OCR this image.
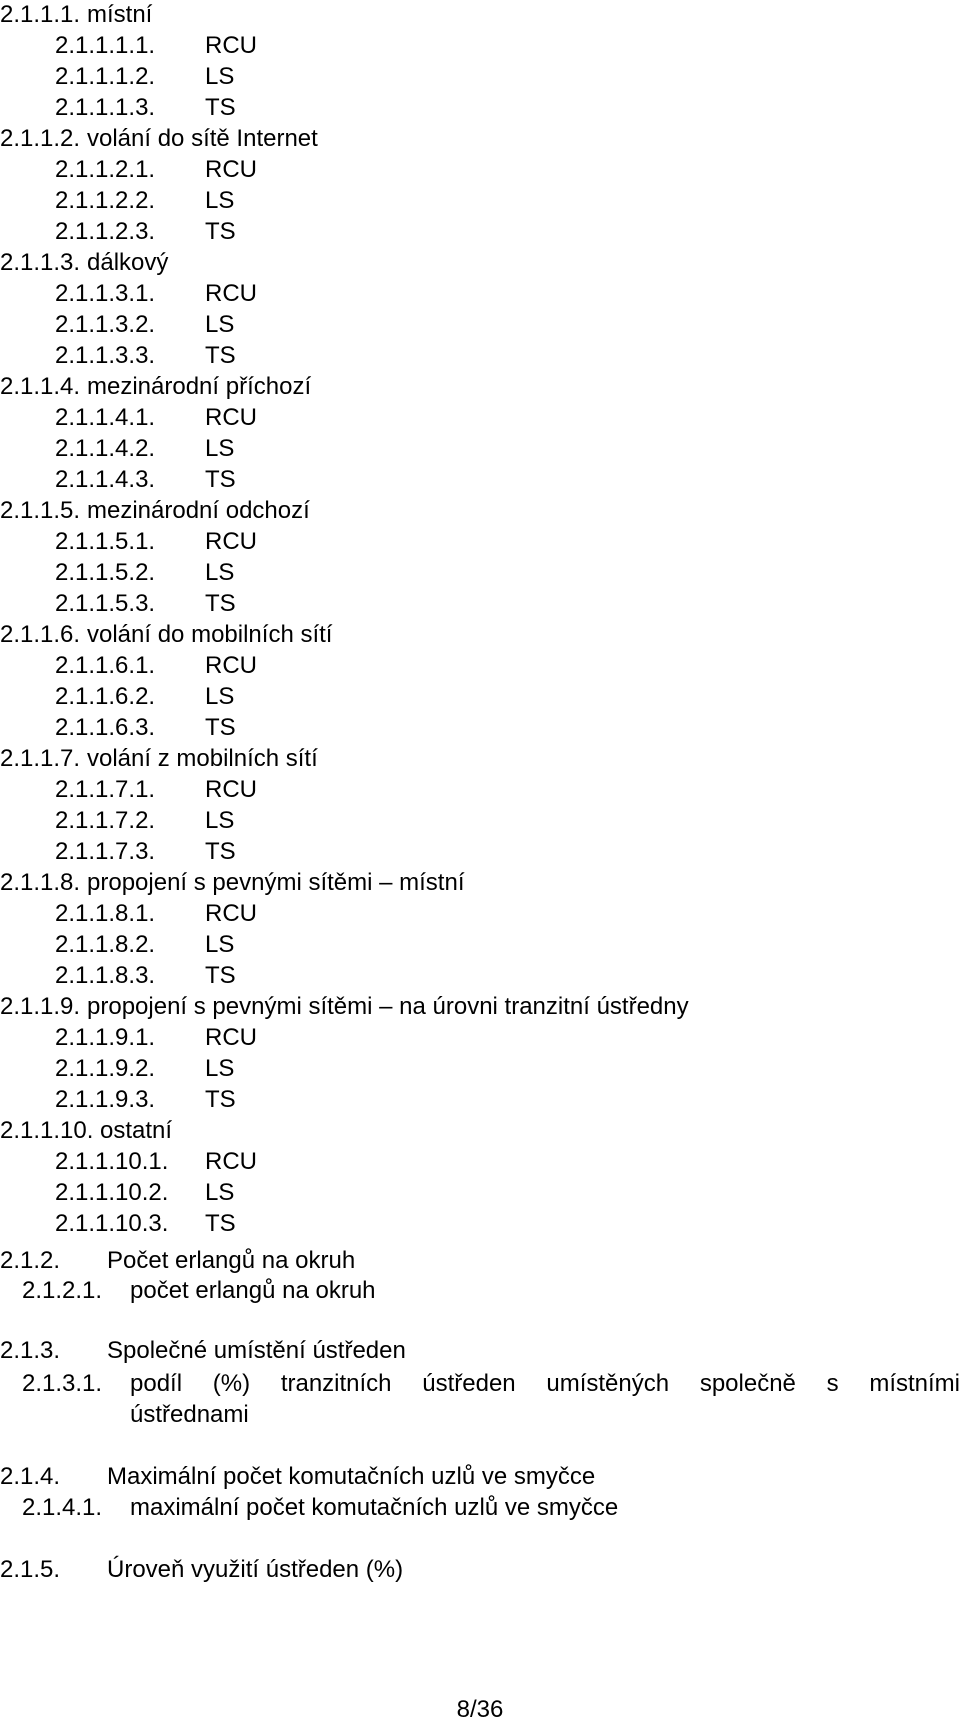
2.1.1.1. místní
2.1.1.1.1. RCU
2.1.1.1.2. LS
2.1.1.1.3. TS
2.1.1.2. volání do sítě Internet
2.1.1.2.1. RCU
2.1.1.2.2. LS
2.1.1.2.3. TS
2.1.1.3. dálkový
2.1.1.3.1. RCU
2.1.1.3.2. LS
2.1.1.3.3. TS
2.1.1.4. mezinárodní příchozí
2.1.1.4.1. RCU
2.1.1.4.2. LS
2.1.1.4.3. TS
2.1.1.5. mezinárodní odchozí
2.1.1.5.1. RCU
2.1.1.5.2. LS
2.1.1.5.3. TS
2.1.1.6. volání do mobilních sítí
2.1.1.6.1. RCU
2.1.1.6.2. LS
2.1.1.6.3. TS
2.1.1.7. volání z mobilních sítí
2.1.1.7.1. RCU
2.1.1.7.2. LS
2.1.1.7.3. TS
2.1.1.8. propojení s pevnými sítěmi – místní
2.1.1.8.1. RCU
2.1.1.8.2. LS
2.1.1.8.3. TS
2.1.1.9. propojení s pevnými sítěmi – na úrovni tranzitní ústředny
2.1.1.9.1. RCU
2.1.1.9.2. LS
2.1.1.9.3. TS
2.1.1.10. ostatní
2.1.1.10.1. RCU
2.1.1.10.2. LS
2.1.1.10.3. TS
2.1.2. Počet erlangů na okruh
2.1.2.1. počet erlangů na okruh
2.1.3. Společné umístění ústředen
2.1.3.1. podíl (%) tranzitních ústředen umístěných společně s místními
ústřednami
2.1.4. Maximální počet komutačních uzlů ve smyčce
2.1.4.1. maximální počet komutačních uzlů ve smyčce
2.1.5. Úroveň využití ústředen (%)
8/36
